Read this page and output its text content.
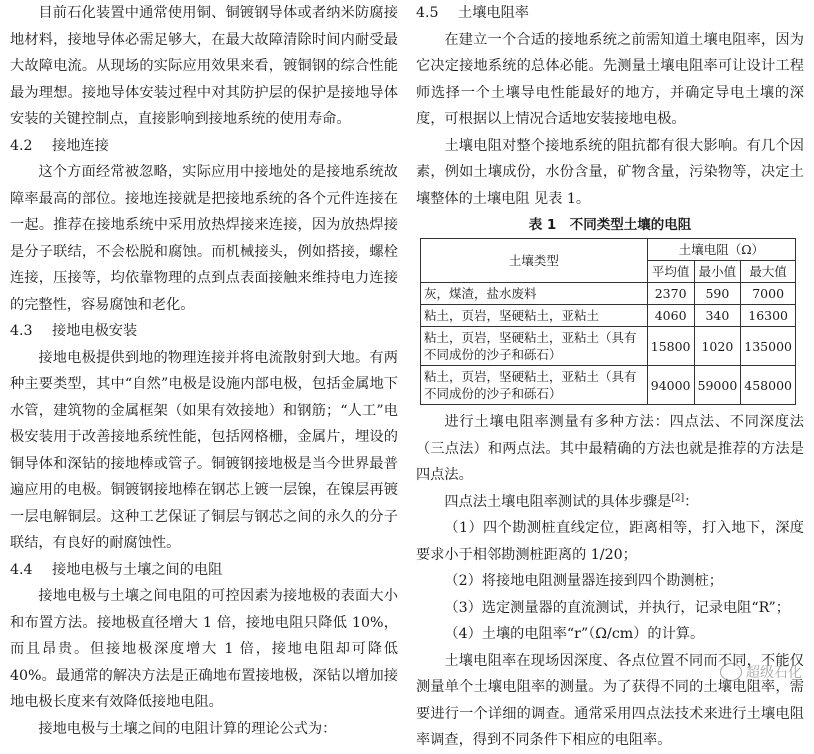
目前石化装置中通常使用铜、铜镀钢导体或者纳米防腐接地材料，接地导体必需足够大，在最大故障清除时间内耐受最大故障电流。从现场的实际应用效果来看，镀铜钢的综合性能最为理想。接地导体安装过程中对其防护层的保护是接地导体安装的关键控制点，直接影响到接地系统的使用寿命。

4.2 接地连接

这个方面经常被忽略，实际应用中接地处的是接地系统故障率最高的部位。接地连接就是把接地系统的各个元件连接在一起。推荐在接地系统中采用放热焊接来连接，因为放热焊接是分子联结，不会松脱和腐蚀。而机械接头，例如搭接，螺栓连接，压接等，均依靠物理的点到点表面接触来维持电力连接的完整性，容易腐蚀和老化。

4.3 接地电极安装

接地电极提供到地的物理连接并将电流散射到大地。有两种主要类型，其中“自然”电极是设施内部电极，包括金属地下水管，建筑物的金属框架（如果有效接地）和钢筋；“人工”电极安装用于改善接地系统性能，包括网格栅，金属片，埋设的铜导体和深钻的接地棒或管子。铜镀钢接地极是当今世界最普遍应用的电极。铜镀钢接地棒在钢芯上镀一层镍，在镍层再镀一层电解铜层。这种工艺保证了铜层与钢芯之间的永久的分子联结，有良好的耐腐蚀性。

4.4 接地电极与土壤之间的电阻

接地电极与土壤之间电阻的可控因素为接地极的表面大小和布置方法。接地极直径增大 1 倍，接地电阻只降低 10%，而且昂贵。但接地极深度增大 1 倍，接地电阻却可降低 40%。最通常的解决方法是正确地布置接地极，深钻以增加接地电极长度来有效降低接地电阻。

接地电极与土壤之间的电阻计算的理论公式为：

4.5 土壤电阻率

在建立一个合适的接地系统之前需知道土壤电阻率，因为它决定接地系统的总体必能。先测量土壤电阻率可让设计工程师选择一个土壤导电性能最好的地方，并确定导电土壤的深度，可根据以上情况合适地安装接地电极。

土壤电阻对整个接地系统的阻抗都有很大影响。有几个因素，例如土壤成份，水份含量，矿物含量，污染物等，决定土壤整体的土壤电阻 见表 1。

表 1　不同类型土壤的电阻
土壤类型	土壤电阻（Ω）		
	平均值	最小值	最大值
灰，煤渣，盐水废料	2370	590	7000
粘土，页岩，坚硬粘土，亚粘土	4060	340	16300
粘土，页岩，坚硬粘土，亚粘土（具有不同成份的沙子和砾石）	15800	1020	135000
粘土，页岩，坚硬粘土，亚粘土（具有不同成份的沙子和砾石）	94000	59000	458000

进行土壤电阻率测量有多种方法：四点法、不同深度法（三点法）和两点法。其中最精确的方法也就是推荐的方法是四点法。

四点法土壤电阻率测试的具体步骤是[2]：

（1）四个勘测桩直线定位，距离相等，打入地下，深度要求小于相邻勘测桩距离的 1/20；

（2）将接地电阻测量器连接到四个勘测桩；

（3）选定测量器的直流测试，并执行，记录电阻“R”；

（4）土壤的电阻率“r”（Ω/cm）的计算。

土壤电阻率在现场因深度、各点位置不同而不同，不能仅测量单个土壤电阻率的测量。为了获得不同的土壤电阻率，需要进行一个详细的调查。通常采用四点法技术来进行土壤电阻率调查，得到不同条件下相应的电阻率。

超级石化
